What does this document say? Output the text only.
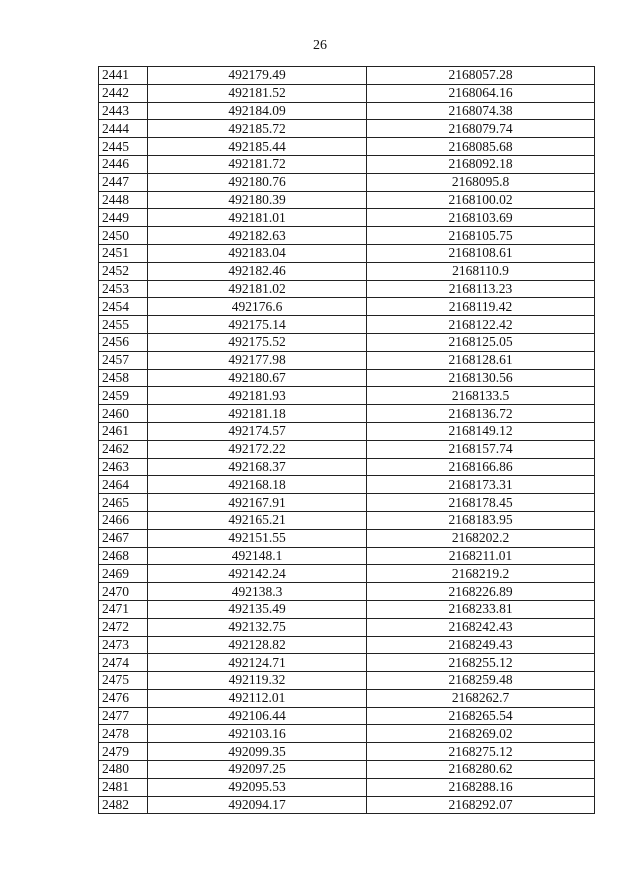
26
2441	492179.49	2168057.28
2442	492181.52	2168064.16
2443	492184.09	2168074.38
2444	492185.72	2168079.74
2445	492185.44	2168085.68
2446	492181.72	2168092.18
2447	492180.76	2168095.8
2448	492180.39	2168100.02
2449	492181.01	2168103.69
2450	492182.63	2168105.75
2451	492183.04	2168108.61
2452	492182.46	2168110.9
2453	492181.02	2168113.23
2454	492176.6	2168119.42
2455	492175.14	2168122.42
2456	492175.52	2168125.05
2457	492177.98	2168128.61
2458	492180.67	2168130.56
2459	492181.93	2168133.5
2460	492181.18	2168136.72
2461	492174.57	2168149.12
2462	492172.22	2168157.74
2463	492168.37	2168166.86
2464	492168.18	2168173.31
2465	492167.91	2168178.45
2466	492165.21	2168183.95
2467	492151.55	2168202.2
2468	492148.1	2168211.01
2469	492142.24	2168219.2
2470	492138.3	2168226.89
2471	492135.49	2168233.81
2472	492132.75	2168242.43
2473	492128.82	2168249.43
2474	492124.71	2168255.12
2475	492119.32	2168259.48
2476	492112.01	2168262.7
2477	492106.44	2168265.54
2478	492103.16	2168269.02
2479	492099.35	2168275.12
2480	492097.25	2168280.62
2481	492095.53	2168288.16
2482	492094.17	2168292.07
